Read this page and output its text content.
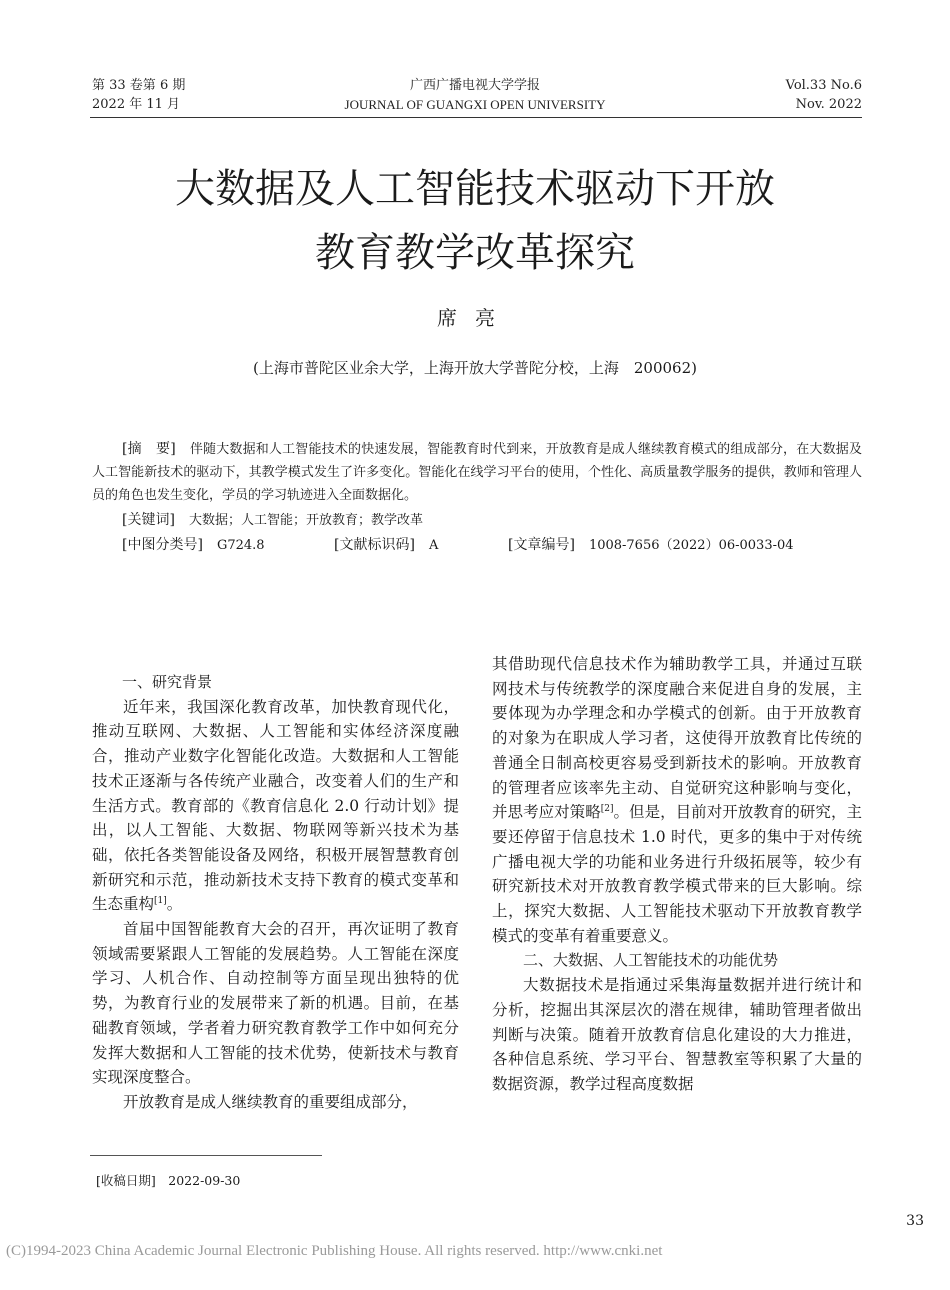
第 33 卷第 6 期
2022 年 11 月
广西广播电视大学学报
JOURNAL OF GUANGXI OPEN UNIVERSITY
Vol.33 No.6
Nov. 2022
大数据及人工智能技术驱动下开放
教育教学改革探究
席亮
(上海市普陀区业余大学，上海开放大学普陀分校，上海　200062)
[摘　要] 伴随大数据和人工智能技术的快速发展，智能教育时代到来，开放教育是成人继续教育模式的组成部分，在大数据及人工智能新技术的驱动下，其教学模式发生了许多变化。智能化在线学习平台的使用，个性化、高质量教学服务的提供，教师和管理人员的角色也发生变化，学员的学习轨迹进入全面数据化。
[关键词] 大数据；人工智能；开放教育；教学改革
[中图分类号] G724.8	[文献标识码] A	[文章编号] 1008-7656（2022）06-0033-04
一、研究背景

近年来，我国深化教育改革，加快教育现代化，推动互联网、大数据、人工智能和实体经济深度融合，推动产业数字化智能化改造。大数据和人工智能技术正逐渐与各传统产业融合，改变着人们的生产和生活方式。教育部的《教育信息化 2.0 行动计划》提出，以人工智能、大数据、物联网等新兴技术为基础，依托各类智能设备及网络，积极开展智慧教育创新研究和示范，推动新技术支持下教育的模式变革和生态重构[1]。

首届中国智能教育大会的召开，再次证明了教育领域需要紧跟人工智能的发展趋势。人工智能在深度学习、人机合作、自动控制等方面呈现出独特的优势，为教育行业的发展带来了新的机遇。目前，在基础教育领域，学者着力研究教育教学工作中如何充分发挥大数据和人工智能的技术优势，使新技术与教育实现深度整合。

开放教育是成人继续教育的重要组成部分，

其借助现代信息技术作为辅助教学工具，并通过互联网技术与传统教学的深度融合来促进自身的发展，主要体现为办学理念和办学模式的创新。由于开放教育的对象为在职成人学习者，这使得开放教育比传统的普通全日制高校更容易受到新技术的影响。开放教育的管理者应该率先主动、自觉研究这种影响与变化，并思考应对策略[2]。但是，目前对开放教育的研究，主要还停留于信息技术 1.0 时代，更多的集中于对传统广播电视大学的功能和业务进行升级拓展等，较少有研究新技术对开放教育教学模式带来的巨大影响。综上，探究大数据、人工智能技术驱动下开放教育教学模式的变革有着重要意义。

二、大数据、人工智能技术的功能优势

大数据技术是指通过采集海量数据并进行统计和分析，挖掘出其深层次的潜在规律，辅助管理者做出判断与决策。随着开放教育信息化建设的大力推进，各种信息系统、学习平台、智慧教室等积累了大量的数据资源，教学过程高度数据

[收稿日期]　2022-09-30
33
(C)1994-2023 China Academic Journal Electronic Publishing House. All rights reserved. http://www.cnki.net
